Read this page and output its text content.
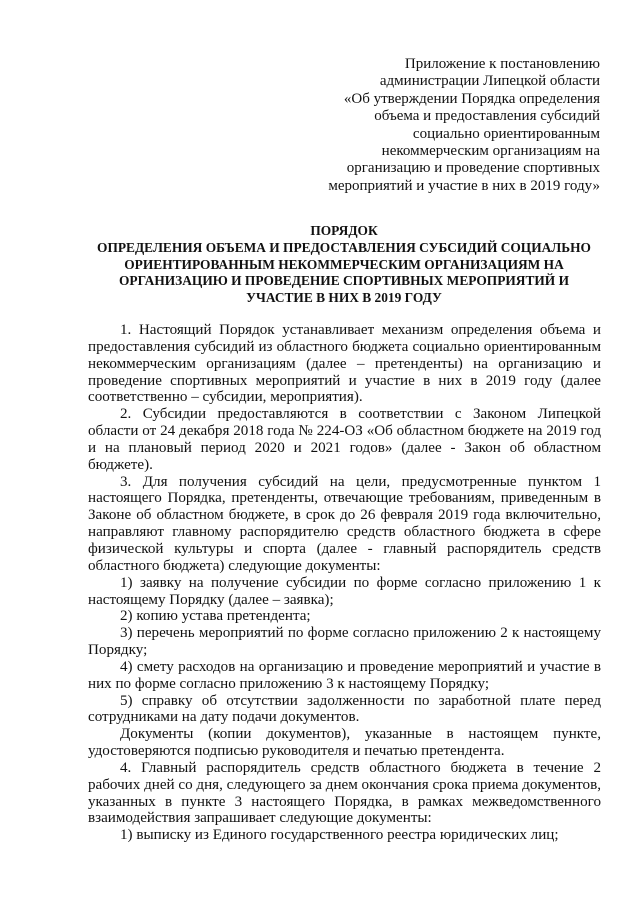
Приложение к постановлению
администрации Липецкой области
«Об утверждении Порядка определения
объема и предоставления субсидий
социально ориентированным
некоммерческим организациям на
организацию и проведение спортивных
мероприятий и участие в них в 2019 году»
ПОРЯДОК
ОПРЕДЕЛЕНИЯ ОБЪЕМА И ПРЕДОСТАВЛЕНИЯ СУБСИДИЙ СОЦИАЛЬНО
ОРИЕНТИРОВАННЫМ НЕКОММЕРЧЕСКИМ ОРГАНИЗАЦИЯМ НА
ОРГАНИЗАЦИЮ И ПРОВЕДЕНИЕ СПОРТИВНЫХ МЕРОПРИЯТИЙ И
УЧАСТИЕ В НИХ В 2019 ГОДУ

1. Настоящий Порядок устанавливает механизм определения объема и предоставления субсидий из областного бюджета социально ориентированным некоммерческим организациям (далее – претенденты) на организацию и проведение спортивных мероприятий и участие в них в 2019 году (далее соответственно – субсидии, мероприятия).

2. Субсидии предоставляются в соответствии с Законом Липецкой области от 24 декабря 2018 года № 224-ОЗ «Об областном бюджете на 2019 год и на плановый период 2020 и 2021 годов» (далее - Закон об областном бюджете).

3. Для получения субсидий на цели, предусмотренные пунктом 1 настоящего Порядка, претенденты, отвечающие требованиям, приведенным в Законе об областном бюджете, в срок до 26 февраля 2019 года включительно, направляют главному распорядителю средств областного бюджета в сфере физической культуры и спорта (далее - главный распорядитель средств областного бюджета) следующие документы:

1) заявку на получение субсидии по форме согласно приложению 1 к настоящему Порядку (далее – заявка);

2) копию устава претендента;

3) перечень мероприятий по форме согласно приложению 2 к настоящему Порядку;

4) смету расходов на организацию и проведение мероприятий и участие в них по форме согласно приложению 3 к настоящему Порядку;

5) справку об отсутствии задолженности по заработной плате перед сотрудниками на дату подачи документов.

Документы (копии документов), указанные в настоящем пункте, удостоверяются подписью руководителя и печатью претендента.

4. Главный распорядитель средств областного бюджета в течение 2 рабочих дней со дня, следующего за днем окончания срока приема документов, указанных в пункте 3 настоящего Порядка, в рамках межведомственного взаимодействия запрашивает следующие документы:

1) выписку из Единого государственного реестра юридических лиц;
